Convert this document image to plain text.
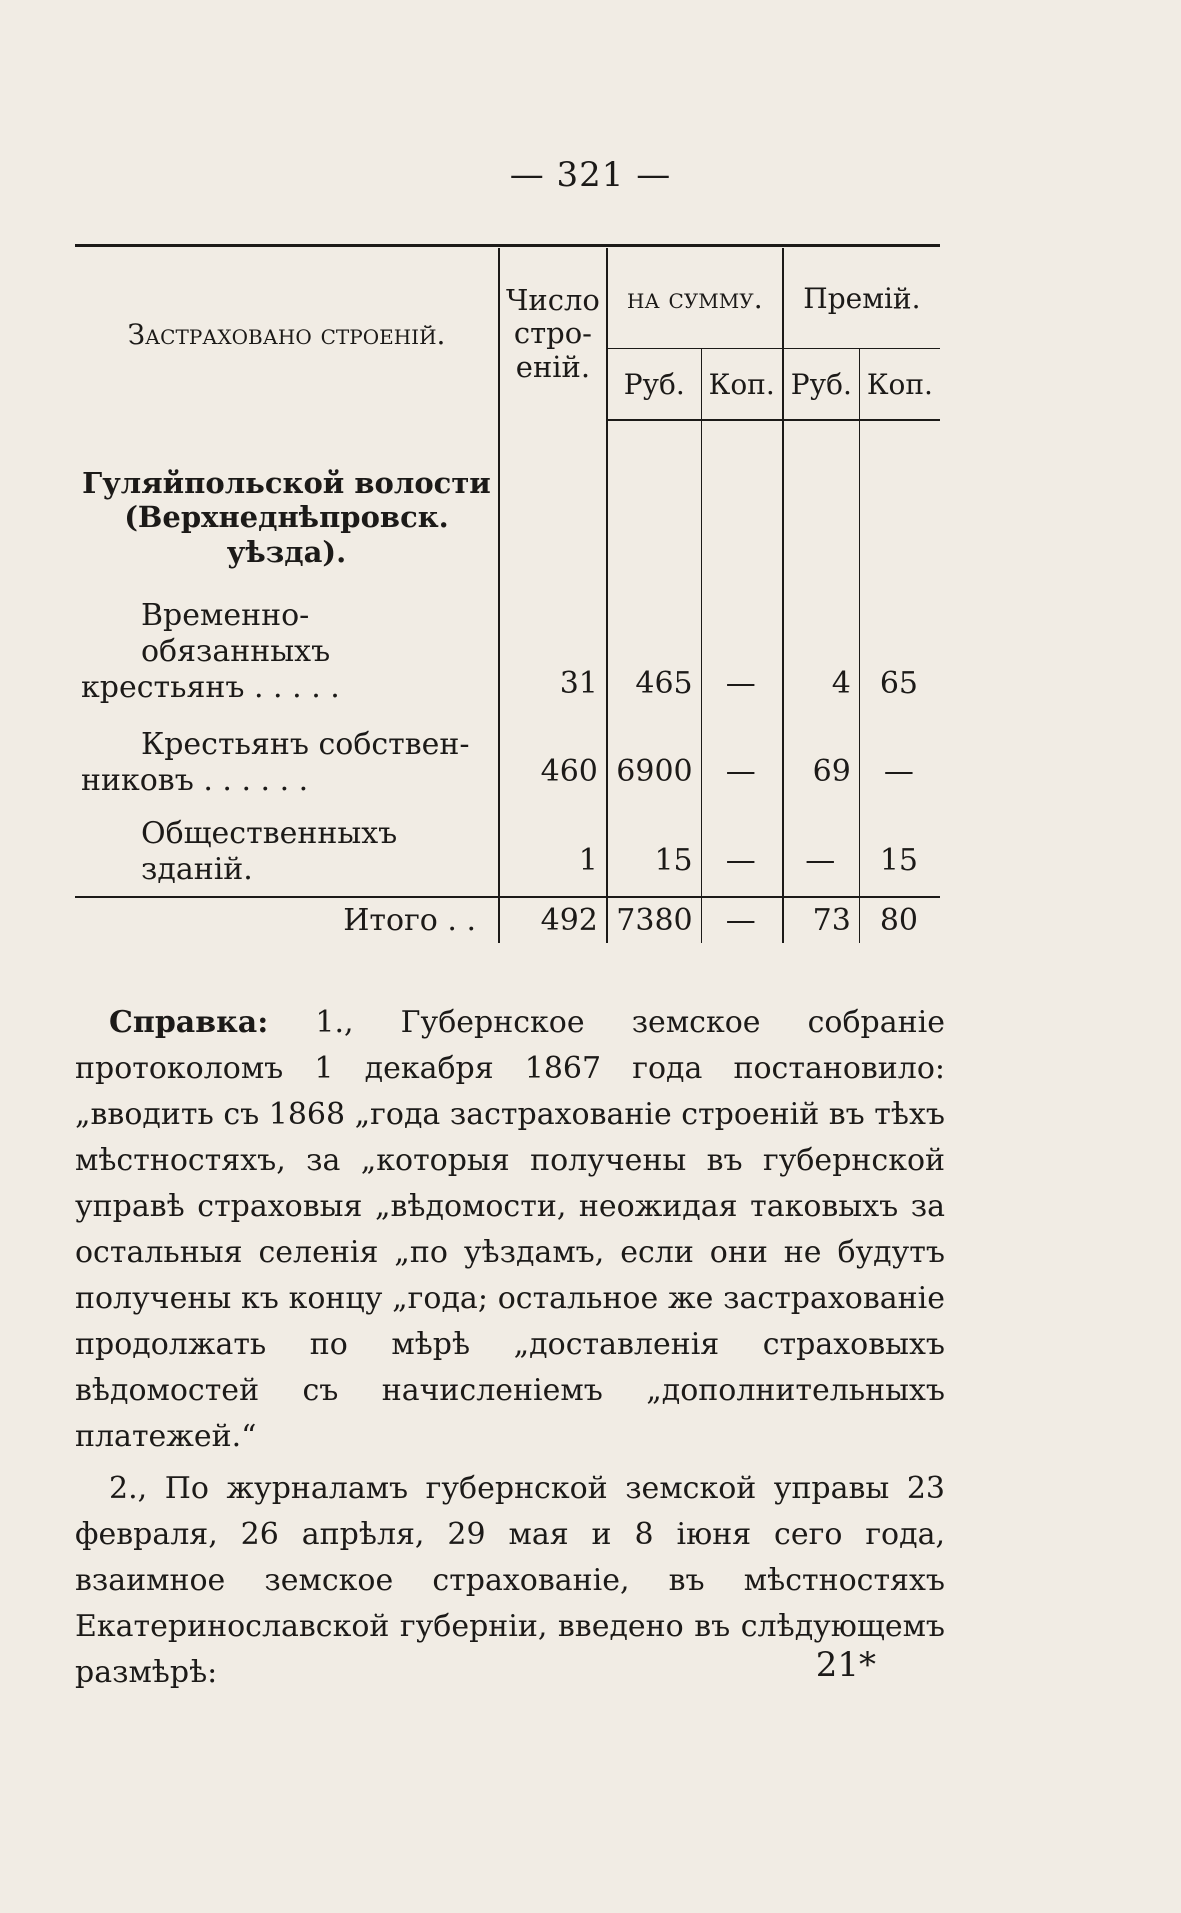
— 321 —
Застраховано строеній.	Число
стро-
еній.	на сумму.		Премій.	
		Руб.	Коп.	Руб.	Коп.
Гуляйпольской волости
(Верхнеднѣпровск. уѣзда).					
Временно-обязанныхъ
крестьянъ . . . . .	31	465	—	4	65
Крестьянъ собствен-
никовъ . . . . . .	460	6900	—	69	—
Общественныхъ зданій.	1	15	—	—	15
Итого . .	492	7380	—	73	80

Справка: 1., Губернское земское собраніе протоколомъ 1 декабря 1867 года постановило: „вводить съ 1868 „года застрахованіе строеній въ тѣхъ мѣстностяхъ, за „которыя получены въ губернской управѣ страховыя „вѣдомости, неожидая таковыхъ за остальныя селенія „по уѣздамъ, если они не будутъ получены къ концу „года; остальное же застрахованіе продолжать по мѣрѣ „доставленія страховыхъ вѣдомостей съ начисленіемъ „дополнительныхъ платежей.“

2., По журналамъ губернской земской управы 23 февраля, 26 апрѣля, 29 мая и 8 іюня сего года, взаимное земское страхованіе, въ мѣстностяхъ Екатеринославской губерніи, введено въ слѣдующемъ размѣрѣ:	21*
